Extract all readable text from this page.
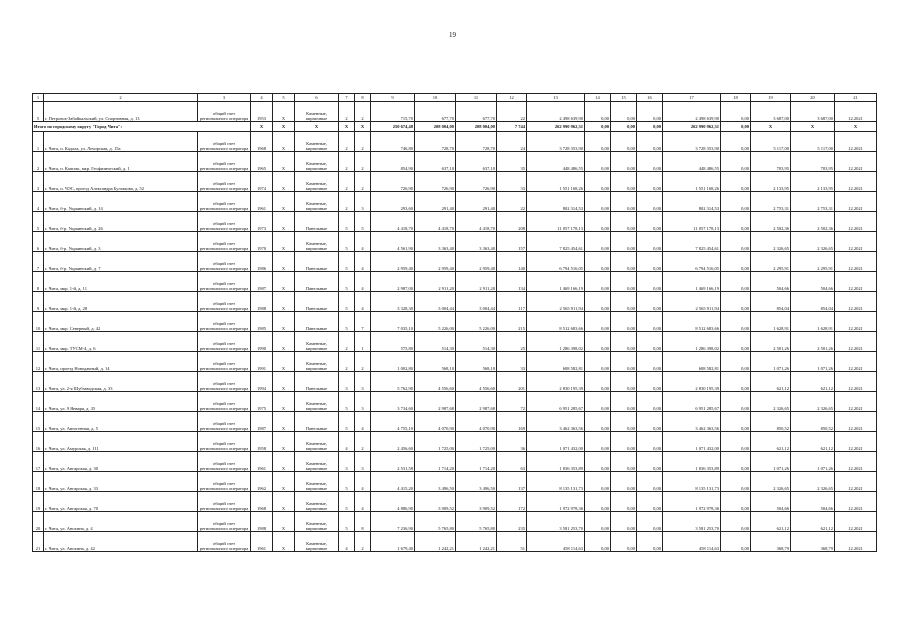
19
1	2	3	4	5	6	7	8	9	10	11	12	13	14	15	16	17	18	19	20	21
5	г. Петровск-Забайкальский, ул. Спортивная, д. 13	общий счет регионального оператора	1953	X	Каменные, кирпичные	2	2	715,70	677,70	677,70	22	2 498 639,90	0,00	0,00	0,00	2 498 639,90	0,00	3 687,00	3 687,00	12.2021
Итого по городскому округу "Город Чита":			X	X	X	X	X	250 674,48	208 004,00	208 004,00	7 744	262 990 962,31	0,00	0,00	0,00	262 990 962,31	0,00	X	X	X
1	г. Чита, п. Кадала, ул. Лочорская, д. 15а	общий счет регионального оператора	1968	X	Каменные, кирпичные	2	2	746,80	728,70	728,70	24	3 728 353,90	0,00	0,00	0,00	3 728 353,90	0,00	5 117,00	5 117,00	12.2021
2	г. Чита, п. Каштак, мкр. Геофизический, д. 1	общий счет регионального оператора	1965	X	Каменные, кирпичные	2	2	854,90	637,10	637,10	35	448 486,55	0,00	0,00	0,00	448 486,55	0,00	703,95	703,95	12.2021
3	г. Чита, п. ЧЭС, проезд Александра Булгакова, д. 52	общий счет регионального оператора	1974	X	Каменные, кирпичные	2	2	726,90	726,90	726,90	33	1 551 168,26	0,00	0,00	0,00	1 551 168,26	0,00	2 133,95	2 133,95	12.2021
4	г. Чита, б-р. Украинский, д. 14	общий счет регионального оператора	1961	X	Каменные, кирпичные	2	3	293,60	291,40	291,40	22	802 314,53	0,00	0,00	0,00	802 314,53	0,00	2 753,31	2 753,31	12.2021
5	г. Чита, б-р. Украинский, д. 26	общий счет регионального оператора	1973	X	Панельные	5	5	4 418,70	4 418,70	4 418,70	208	11 057 178,13	0,00	0,00	0,00	11 057 178,13	0,00	2 502,36	2 502,36	12.2021
6	г. Чита, б-р. Украинский, д. 3	общий счет регионального оператора	1970	X	Каменные, кирпичные	5	4	4 561,90	3 363,40	3 363,40	157	7 825 454,61	0,00	0,00	0,00	7 825 454,61	0,00	2 326,65	2 326,65	12.2021
7	г. Чита, б-р. Украинский, д. 7	общий счет регионального оператора	1986	X	Панельные	5	4	2 959,40	2 959,40	2 959,40	140	6 794 516,05	0,00	0,00	0,00	6 794 516,05	0,00	2 295,91	2 295,91	12.2021
8	г. Чита, мкр. 1-й, д. 11	общий счет регионального оператора	1987	X	Панельные	5	4	2 987,00	2 911,20	2 911,20	134	1 469 166,19	0,00	0,00	0,00	1 469 166,19	0,00	504,66	504,66	12.2021
9	г. Чита, мкр. 1-й, д. 28	общий счет регионального оператора	1988	X	Панельные	5	4	3 328,30	3 004,44	3 004,44	117	2 565 911,94	0,00	0,00	0,00	2 565 911,94	0,00	854,04	854,04	12.2021
10	г. Чита, мкр. Северный, д. 42	общий счет регионального оператора	1985	X	Панельные	5	7	7 035,10	5 226,00	5 226,00	215	8 512 683,66	0,00	0,00	0,00	8 512 683,66	0,00	1 628,91	1 628,91	12.2021
11	г. Чита, мкр. ТУСМ-4, д. 6	общий счет регионального оператора	1990	X	Каменные, кирпичные	2	1	575,80	514,30	514,30	25	1 286 398,02	0,00	0,00	0,00	1 286 398,02	0,00	2 501,26	2 501,26	12.2021
12	г. Чита, проезд Новодачный, д. 14	общий счет регионального оператора	1991	X	Каменные, кирпичные	2	2	1 002,80	568,10	568,10	33	608 582,81	0,00	0,00	0,00	608 582,81	0,00	1 071,26	1 071,26	12.2021
13	г. Чита, ул. 2-я Шубзаводская, д. 33	общий счет регионального оператора	1994	X	Панельные	3	3	5 762,90	4 556,60	4 556,60	201	2 830 195,39	0,00	0,00	0,00	2 830 195,39	0,00	621,12	621,12	12.2021
14	г. Чита, ул. 9 Января, д. 35	общий счет регионального оператора	1975	X	Каменные, кирпичные	5	3	3 734,60	2 987,68	2 987,68	72	6 951 285,67	0,00	0,00	0,00	6 951 285,67	0,00	2 326,65	2 326,65	12.2021
15	г. Чита, ул. Автогенная, д. 5	общий счет регионального оператора	1987	X	Панельные	5	4	4 755,10	4 070,90	4 070,90	169	3 462 363,56	0,00	0,00	0,00	3 462 363,56	0,00	850,52	850,52	12.2021
16	г. Чита, ул. Амурская, д. 111	общий счет регионального оператора	1958	X	Каменные, кирпичные	4	2	2 456,60	1 725,00	1 725,00	36	1 071 432,00	0,00	0,00	0,00	1 071 432,00	0,00	621,12	621,12	12.2021
17	г. Чита, ул. Ангарская, д. 30	общий счет регионального оператора	1961	X	Каменные, кирпичные	3	3	2 531,58	1 714,20	1 714,20	63	1 836 353,89	0,00	0,00	0,00	1 836 353,89	0,00	1 071,26	1 071,26	12.2021
18	г. Чита, ул. Ангарская, д. 33	общий счет регионального оператора	1962	X	Каменные, кирпичные	5	4	4 415,20	3 496,50	3 496,50	137	8 135 131,73	0,00	0,00	0,00	8 135 131,73	0,00	2 326,65	2 326,65	12.2021
19	г. Чита, ул. Ангарская, д. 70	общий счет регионального оператора	1968	X	Каменные, кирпичные	5	4	4 886,90	3 909,52	3 909,52	172	1 972 978,36	0,00	0,00	0,00	1 972 978,36	0,00	504,66	504,66	12.2021
20	г. Чита, ул. Анохина, д. 4	общий счет регионального оператора	1988	X	Каменные, кирпичные	5	8	7 236,90	5 765,80	5 765,80	235	3 581 253,70	0,00	0,00	0,00	3 581 253,70	0,00	621,12	621,12	12.2021
21	г. Чита, ул. Анохина, д. 42	общий счет регионального оператора	1961	X	Каменные, кирпичные	4	2	1 679,40	1 242,21	1 242,21	51	458 114,63	0,00	0,00	0,00	458 114,63	0,00	368,79	368,79	12.2021
